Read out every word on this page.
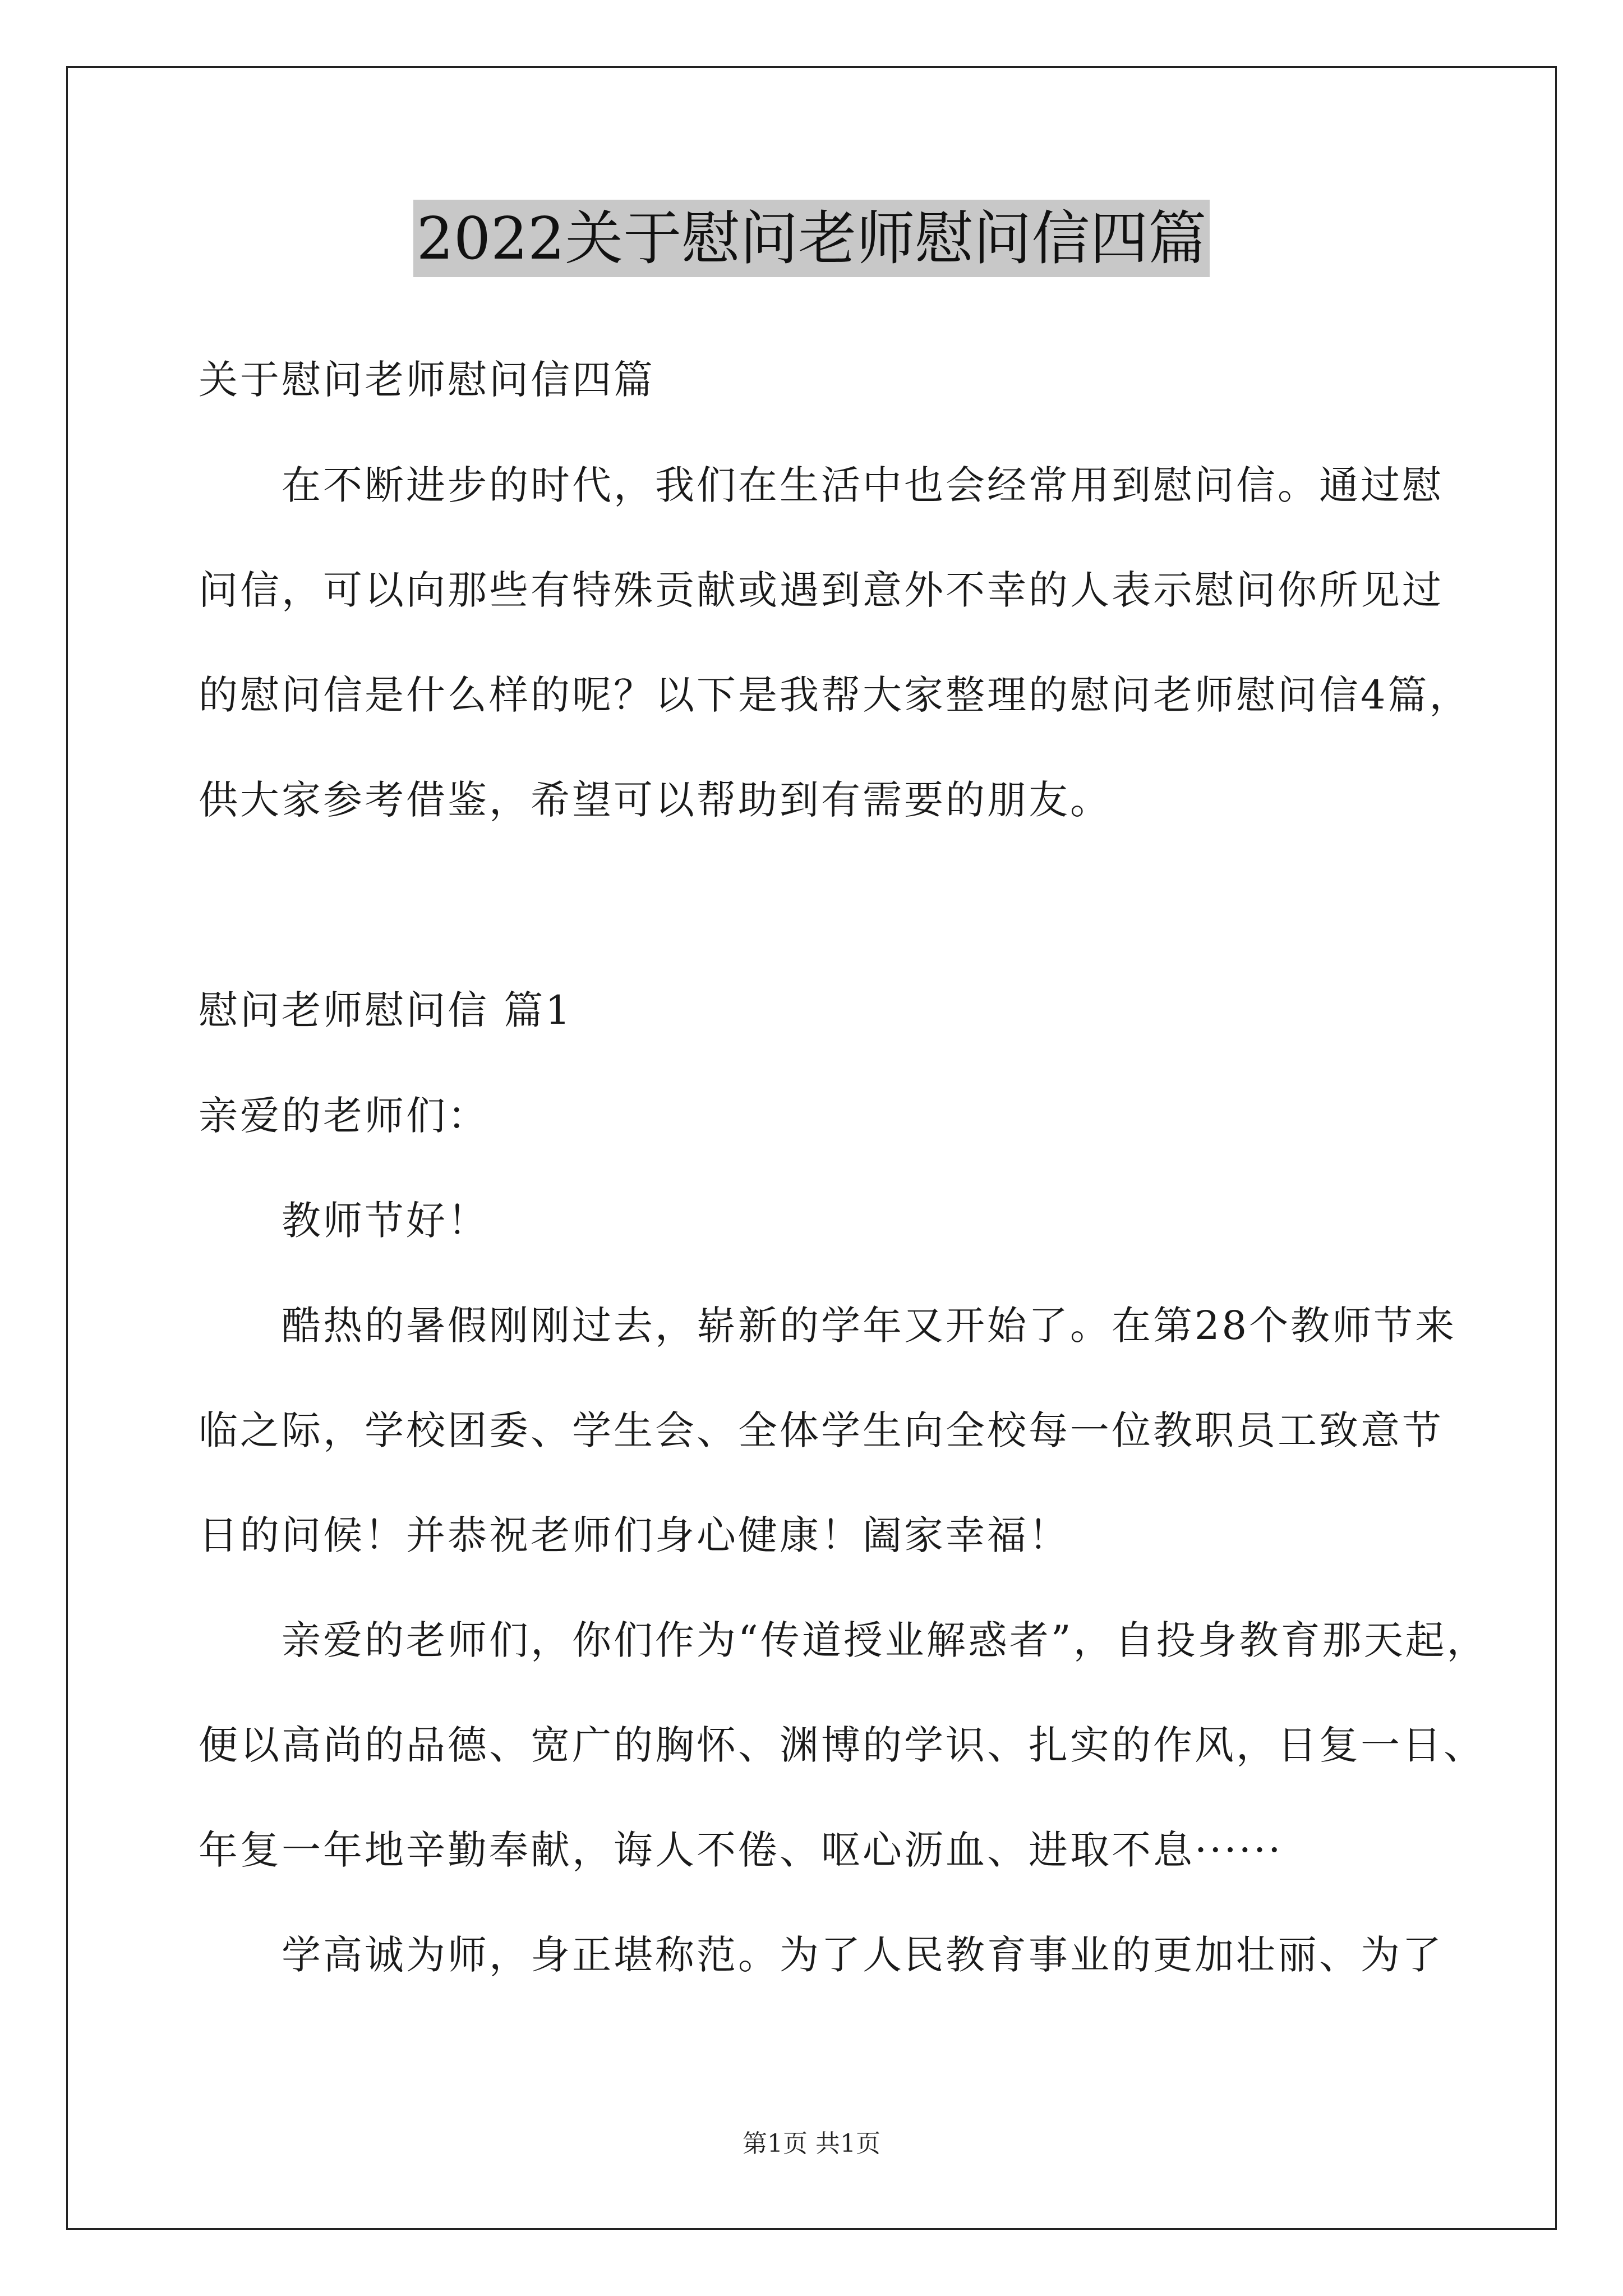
2022关于慰问老师慰问信四篇
关于慰问老师慰问信四篇
在不断进步的时代，我们在生活中也会经常用到慰问信。通过慰
问信，可以向那些有特殊贡献或遇到意外不幸的人表示慰问你所见过
的慰问信是什么样的呢？以下是我帮大家整理的慰问老师慰问信4篇，
供大家参考借鉴，希望可以帮助到有需要的朋友。
慰问老师慰问信 篇1
亲爱的老师们：
教师节好！
酷热的暑假刚刚过去，崭新的学年又开始了。在第28个教师节来
临之际，学校团委、学生会、全体学生向全校每一位教职员工致意节
日的问候！并恭祝老师们身心健康！阖家幸福！
亲爱的老师们，你们作为“传道授业解惑者”，自投身教育那天起，
便以高尚的品德、宽广的胸怀、渊博的学识、扎实的作风，日复一日、
年复一年地辛勤奉献，诲人不倦、呕心沥血、进取不息······
学高诚为师，身正堪称范。为了人民教育事业的更加壮丽、为了
第1页 共1页
